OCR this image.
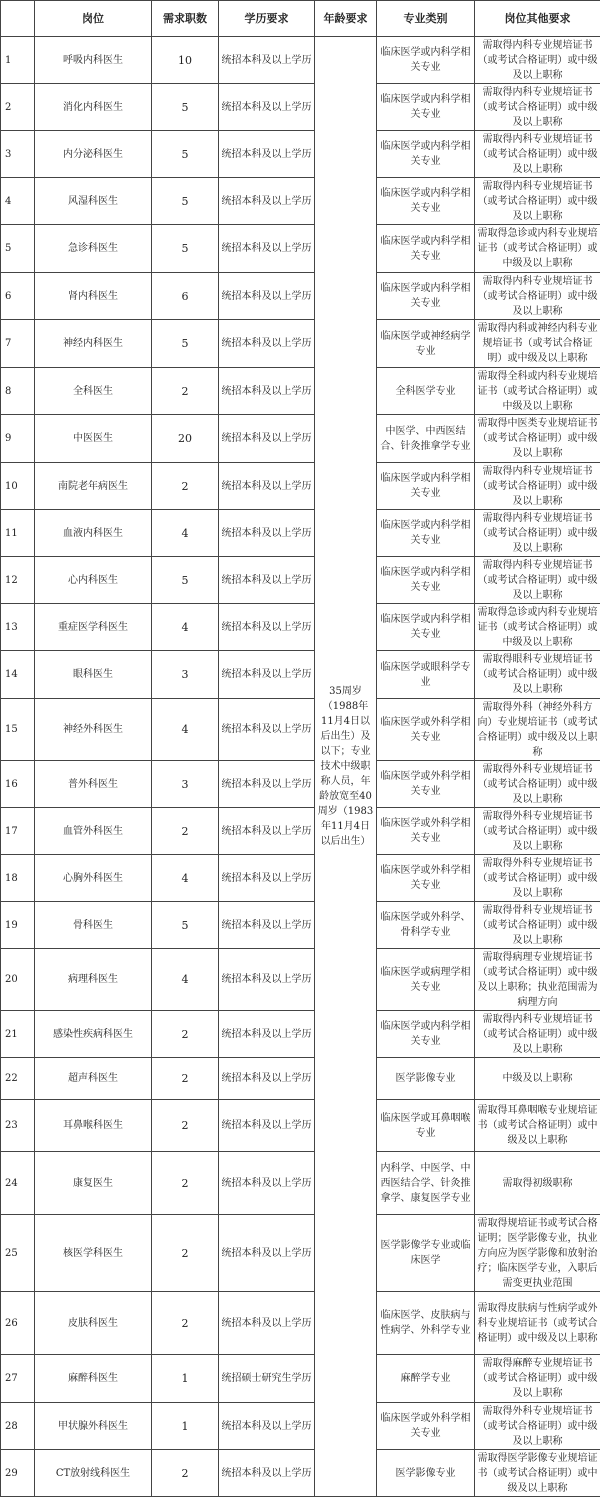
	岗位	需求职数	学历要求	年龄要求	专业类别	岗位其他要求
1	呼吸内科医生	10	统招本科及以上学历	35周岁（1988年11月4日以后出生）及以下；专业技术中级职称人员，年龄放宽至40周岁（1983年11月4日以后出生）	临床医学或内科学相关专业	需取得内科专业规培证书（或考试合格证明）或中级及以上职称
2	消化内科医生	5	统招本科及以上学历		临床医学或内科学相关专业	需取得内科专业规培证书（或考试合格证明）或中级及以上职称
3	内分泌科医生	5	统招本科及以上学历		临床医学或内科学相关专业	需取得内科专业规培证书（或考试合格证明）或中级及以上职称
4	风湿科医生	5	统招本科及以上学历		临床医学或内科学相关专业	需取得内科专业规培证书（或考试合格证明）或中级及以上职称
5	急诊科医生	5	统招本科及以上学历		临床医学或内科学相关专业	需取得急诊或内科专业规培证书（或考试合格证明）或中级及以上职称
6	肾内科医生	6	统招本科及以上学历		临床医学或内科学相关专业	需取得内科专业规培证书（或考试合格证明）或中级及以上职称
7	神经内科医生	5	统招本科及以上学历		临床医学或神经病学专业	需取得内科或神经内科专业规培证书（或考试合格证明）或中级及以上职称
8	全科医生	2	统招本科及以上学历		全科医学专业	需取得全科或内科专业规培证书（或考试合格证明）或中级及以上职称
9	中医医生	20	统招本科及以上学历		中医学、中西医结合、针灸推拿学专业	需取得中医类专业规培证书（或考试合格证明）或中级及以上职称
10	南院老年病医生	2	统招本科及以上学历		临床医学或内科学相关专业	需取得内科专业规培证书（或考试合格证明）或中级及以上职称
11	血液内科医生	4	统招本科及以上学历		临床医学或内科学相关专业	需取得内科专业规培证书（或考试合格证明）或中级及以上职称
12	心内科医生	5	统招本科及以上学历		临床医学或内科学相关专业	需取得内科专业规培证书（或考试合格证明）或中级及以上职称
13	重症医学科医生	4	统招本科及以上学历		临床医学或内科学相关专业	需取得急诊或内科专业规培证书（或考试合格证明）或中级及以上职称
14	眼科医生	3	统招本科及以上学历		临床医学或眼科学专业	需取得眼科专业规培证书（或考试合格证明）或中级及以上职称
15	神经外科医生	4	统招本科及以上学历		临床医学或外科学相关专业	需取得外科（神经外科方向）专业规培证书（或考试合格证明）或中级及以上职称
16	普外科医生	3	统招本科及以上学历		临床医学或外科学相关专业	需取得外科专业规培证书（或考试合格证明）或中级及以上职称
17	血管外科医生	2	统招本科及以上学历		临床医学或外科学相关专业	需取得外科专业规培证书（或考试合格证明）或中级及以上职称
18	心胸外科医生	4	统招本科及以上学历		临床医学或外科学相关专业	需取得外科专业规培证书（或考试合格证明）或中级及以上职称
19	骨科医生	5	统招本科及以上学历		临床医学或外科学、骨科学专业	需取得骨科专业规培证书（或考试合格证明）或中级及以上职称
20	病理科医生	4	统招本科及以上学历		临床医学或病理学相关专业	需取得病理专业规培证书（或考试合格证明）或中级及以上职称；执业范围需为病理方向
21	感染性疾病科医生	2	统招本科及以上学历		临床医学或内科学相关专业	需取得内科专业规培证书（或考试合格证明）或中级及以上职称
22	超声科医生	2	统招本科及以上学历		医学影像专业	中级及以上职称
23	耳鼻喉科医生	2	统招本科及以上学历		临床医学或耳鼻咽喉专业	需取得耳鼻咽喉专业规培证书（或考试合格证明）或中级及以上职称
24	康复医生	2	统招本科及以上学历		内科学、中医学、中西医结合学、针灸推拿学、康复医学专业	需取得初级职称
25	核医学科医生	2	统招本科及以上学历		医学影像学专业或临床医学	需取得规培证书或考试合格证明；医学影像专业，执业方向应为医学影像和放射治疗；临床医学专业，入职后需变更执业范围
26	皮肤科医生	2	统招本科及以上学历		临床医学、皮肤病与性病学、外科学专业	需取得皮肤病与性病学或外科专业规培证书（或考试合格证明）或中级及以上职称
27	麻醉科医生	1	统招硕士研究生学历		麻醉学专业	需取得麻醉专业规培证书（或考试合格证明）或中级及以上职称
28	甲状腺外科医生	1	统招本科及以上学历		临床医学或外科学相关专业	需取得外科专业规培证书（或考试合格证明）或中级及以上职称
29	CT放射线科医生	2	统招本科及以上学历		医学影像专业	需取得医学影像专业规培证书（或考试合格证明）或中级及以上职称
